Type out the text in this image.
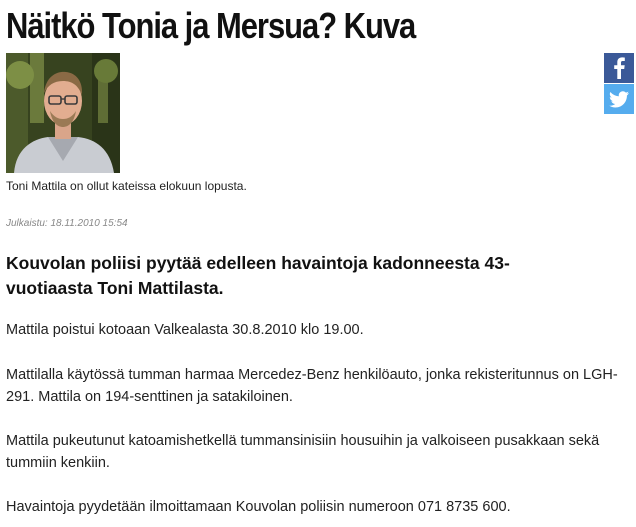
Näitkö Tonia ja Mersua? Kuva
Toni Mattila on ollut kateissa elokuun lopusta.
Julkaistu: 18.11.2010 15:54

Kouvolan poliisi pyytää edelleen havaintoja kadonneesta 43-vuotiaasta Toni Mattilasta.

Mattila poistui kotoaan Valkealasta 30.8.2010 klo 19.00.

Mattilalla käytössä tumman harmaa Mercedez-Benz henkilöauto, jonka rekisteritunnus on LGH-291. Mattila on 194-senttinen ja satakiloinen.

Mattila pukeutunut katoamishetkellä tummansinisiin housuihin ja valkoiseen pusakkaan sekä tummiin kenkiin.

Havaintoja pyydetään ilmoittamaan Kouvolan poliisin numeroon 071 8735 600.
